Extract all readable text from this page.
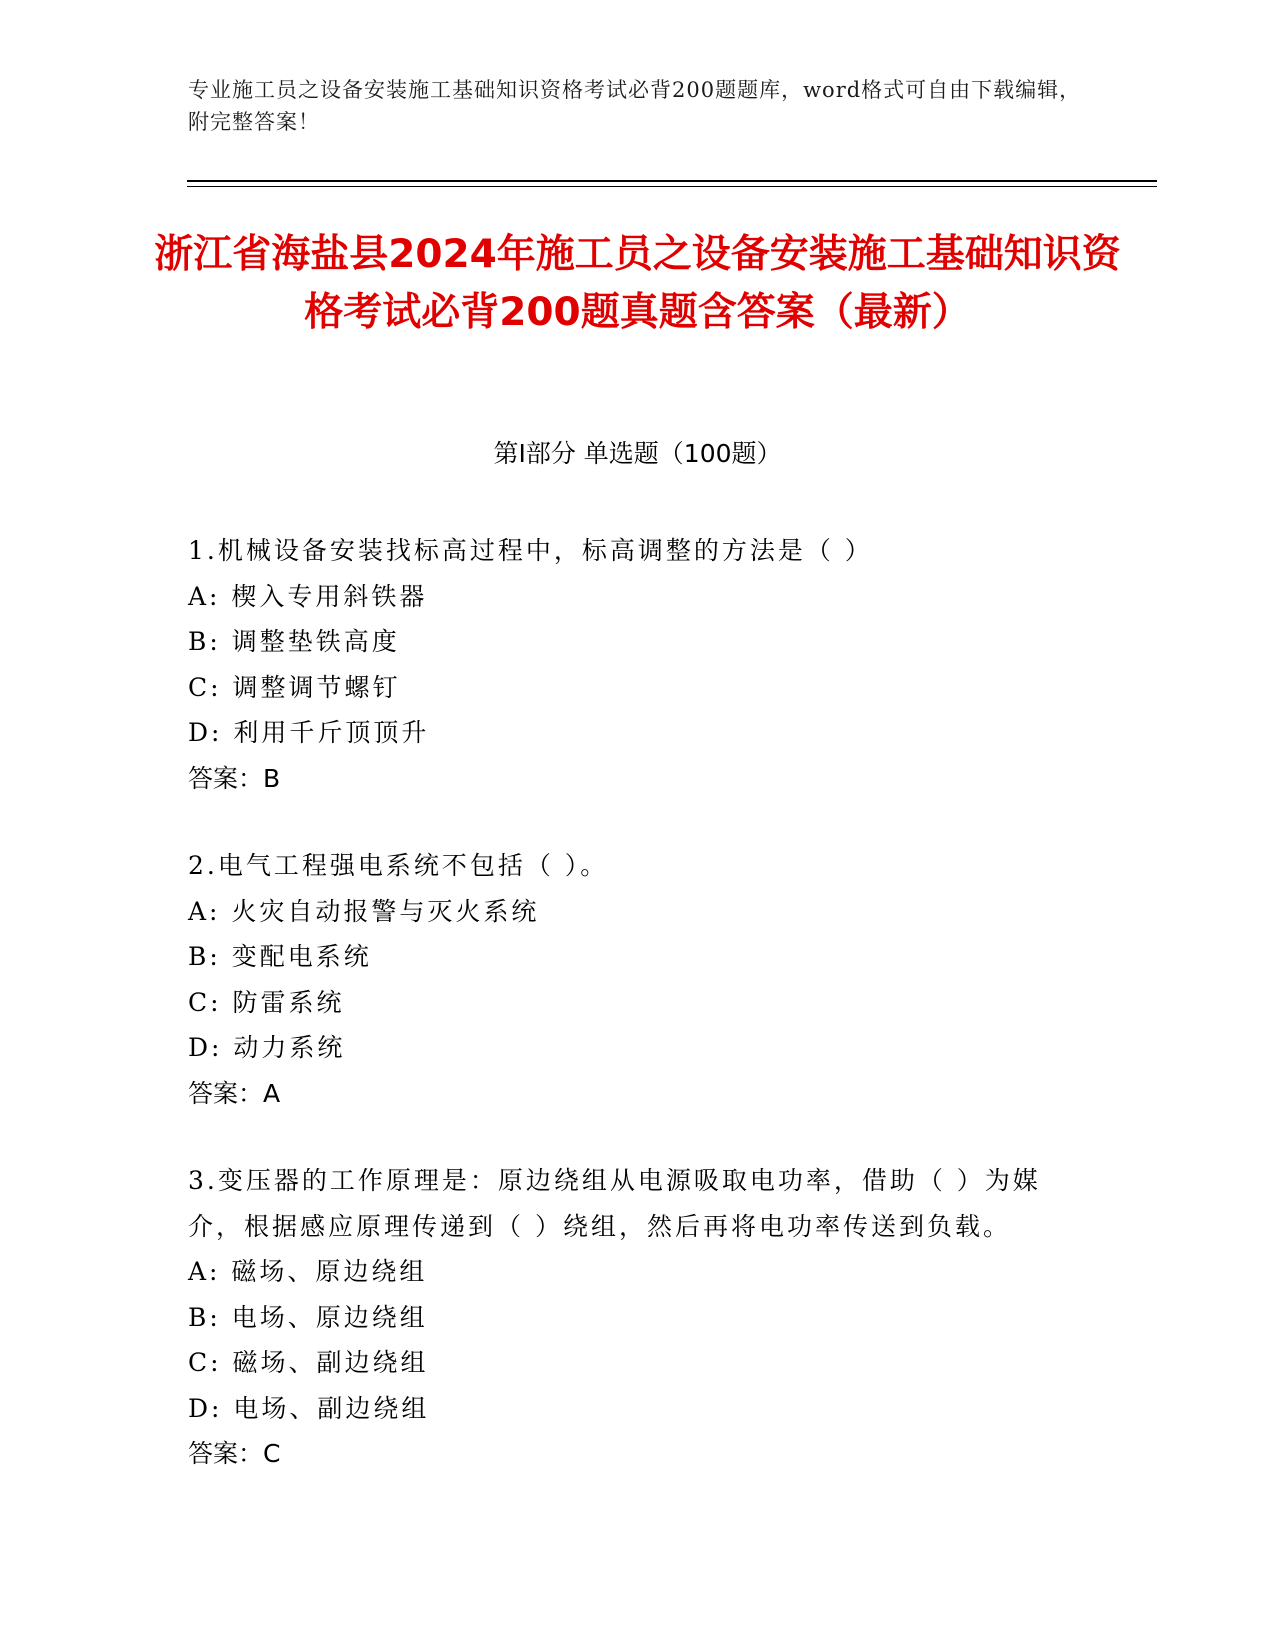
专业施工员之设备安装施工基础知识资格考试必背200题题库，word格式可自由下载编辑，附完整答案！
浙江省海盐县2024年施工员之设备安装施工基础知识资格考试必背200题真题含答案（最新）
第Ⅰ部分 单选题（100题）
1.机械设备安装找标高过程中，标高调整的方法是（ ）
A: 楔入专用斜铁器
B: 调整垫铁高度
C: 调整调节螺钉
D: 利用千斤顶顶升
答案：B
2.电气工程强电系统不包括（ ）。
A: 火灾自动报警与灭火系统
B: 变配电系统
C: 防雷系统
D: 动力系统
答案：A
3.变压器的工作原理是：原边绕组从电源吸取电功率，借助（ ）为媒介，根据感应原理传递到（ ）绕组，然后再将电功率传送到负载。
A: 磁场、原边绕组
B: 电场、原边绕组
C: 磁场、副边绕组
D: 电场、副边绕组
答案：C
